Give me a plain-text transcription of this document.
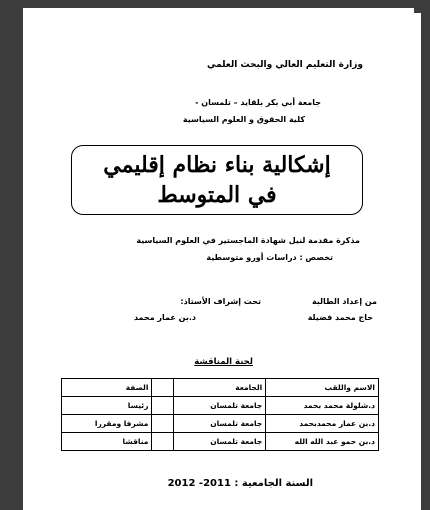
وزارة التعليم العالي والبحث العلمي
جامعة أبي بكر بلقايد – تلمسان -
كلية الحقوق و العلوم السياسية
إشكالية بناء نظام إقليمي
في المتوسط
مذكرة مقدمة لنيل شهادة الماجستير في العلوم السياسية
تخصص : دراسات أورو متوسطية
من إعداد الطالبة
حاج محمد فضيلة
تحت إشراف الأستاذ:
د.بن عمار محمد
لجنة المناقشة
الاسم واللقب	الجامعة		الصفة
د.شلولة محمد بحمد	جامعة تلمسان		رئيسا
د.بن عمار محمدبحمد	جامعة تلمسان		مشرفا ومقررا
د.بن حمو عبد الله الله	جامعة تلمسان		مناقشا
السنة الجامعية : 2011- 2012
